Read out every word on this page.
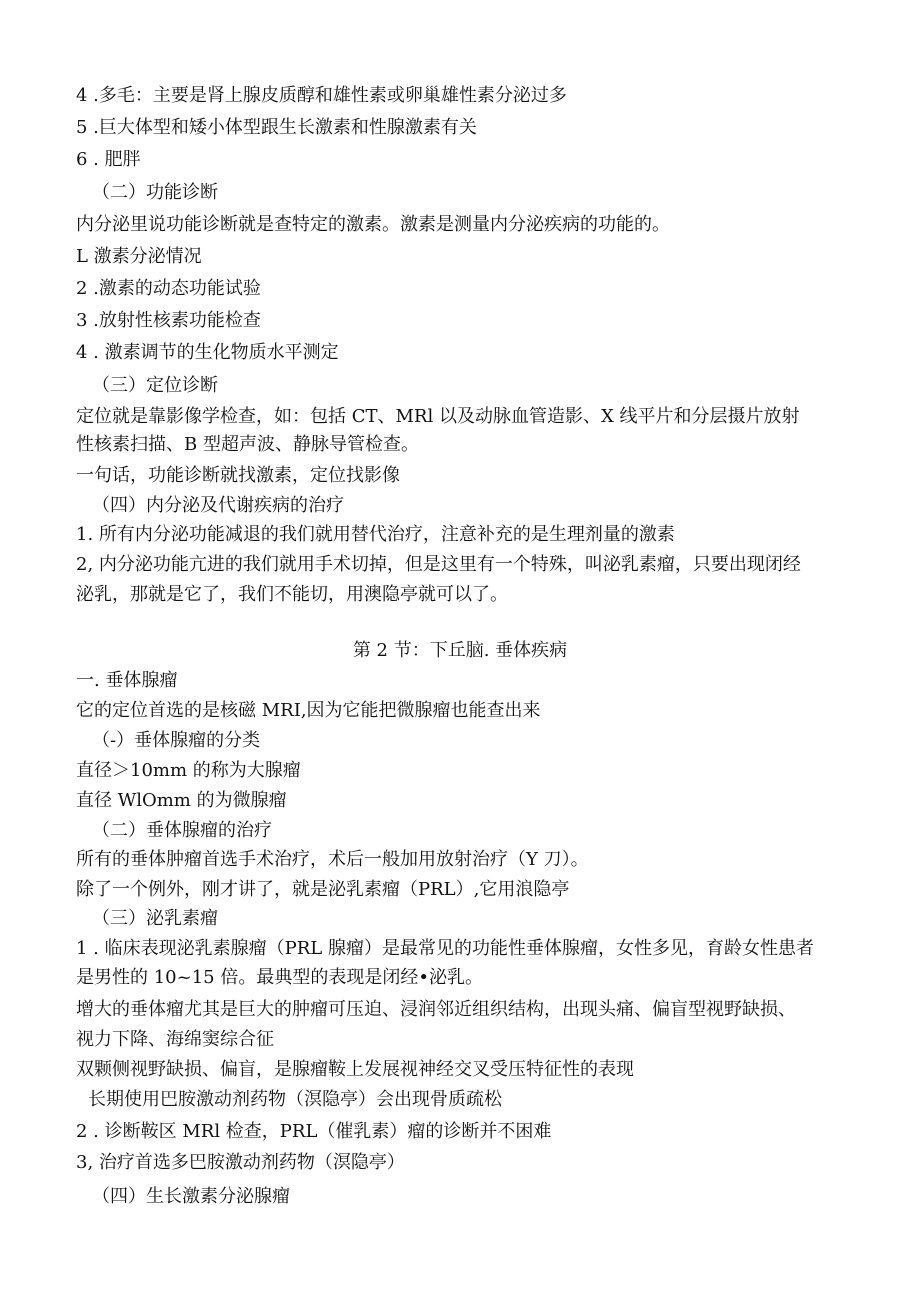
4 .多毛：主要是肾上腺皮质醇和雄性素或卵巢雄性素分泌过多
5 .巨大体型和矮小体型跟生长激素和性腺激素有关
6 . 肥胖
（二）功能诊断
内分泌里说功能诊断就是查特定的激素。激素是测量内分泌疾病的功能的。
L 激素分泌情况
2 .激素的动态功能试验
3 .放射性核素功能检查
4 . 激素调节的生化物质水平测定
（三）定位诊断
定位就是靠影像学检查，如：包括 CT、MRl 以及动脉血管造影、X 线平片和分层摄片放射
性核素扫描、B 型超声波、静脉导管检查。
一句话，功能诊断就找激素，定位找影像
（四）内分泌及代谢疾病的治疗
1. 所有内分泌功能减退的我们就用替代治疗，注意补充的是生理剂量的激素
2, 内分泌功能亢进的我们就用手术切掉，但是这里有一个特殊，叫泌乳素瘤，只要出现闭经
泌乳，那就是它了，我们不能切，用澳隐亭就可以了。
第 2 节：下丘脑. 垂体疾病
一. 垂体腺瘤
它的定位首选的是核磁 MRI,因为它能把微腺瘤也能查出来
（-）垂体腺瘤的分类
直径＞10mm 的称为大腺瘤
直径 WlOmm 的为微腺瘤
（二）垂体腺瘤的治疗
所有的垂体肿瘤首选手术治疗，术后一般加用放射治疗（Y 刀）。
除了一个例外，刚才讲了，就是泌乳素瘤（PRL）,它用浪隐亭
（三）泌乳素瘤
1 . 临床表现泌乳素腺瘤（PRL 腺瘤）是最常见的功能性垂体腺瘤，女性多见，育龄女性患者
是男性的 10~15 倍。最典型的表现是闭经•泌乳。
增大的垂体瘤尤其是巨大的肿瘤可压迫、浸润邻近组织结构，出现头痛、偏盲型视野缺损、
视力下降、海绵窦综合征
双颗侧视野缺损、偏盲，是腺瘤鞍上发展视神经交叉受压特征性的表现
长期使用巴胺激动剂药物（溟隐亭）会出现骨质疏松
2 . 诊断鞍区 MRl 检查，PRL（催乳素）瘤的诊断并不困难
3, 治疗首选多巴胺激动剂药物（溟隐亭）
（四）生长激素分泌腺瘤
